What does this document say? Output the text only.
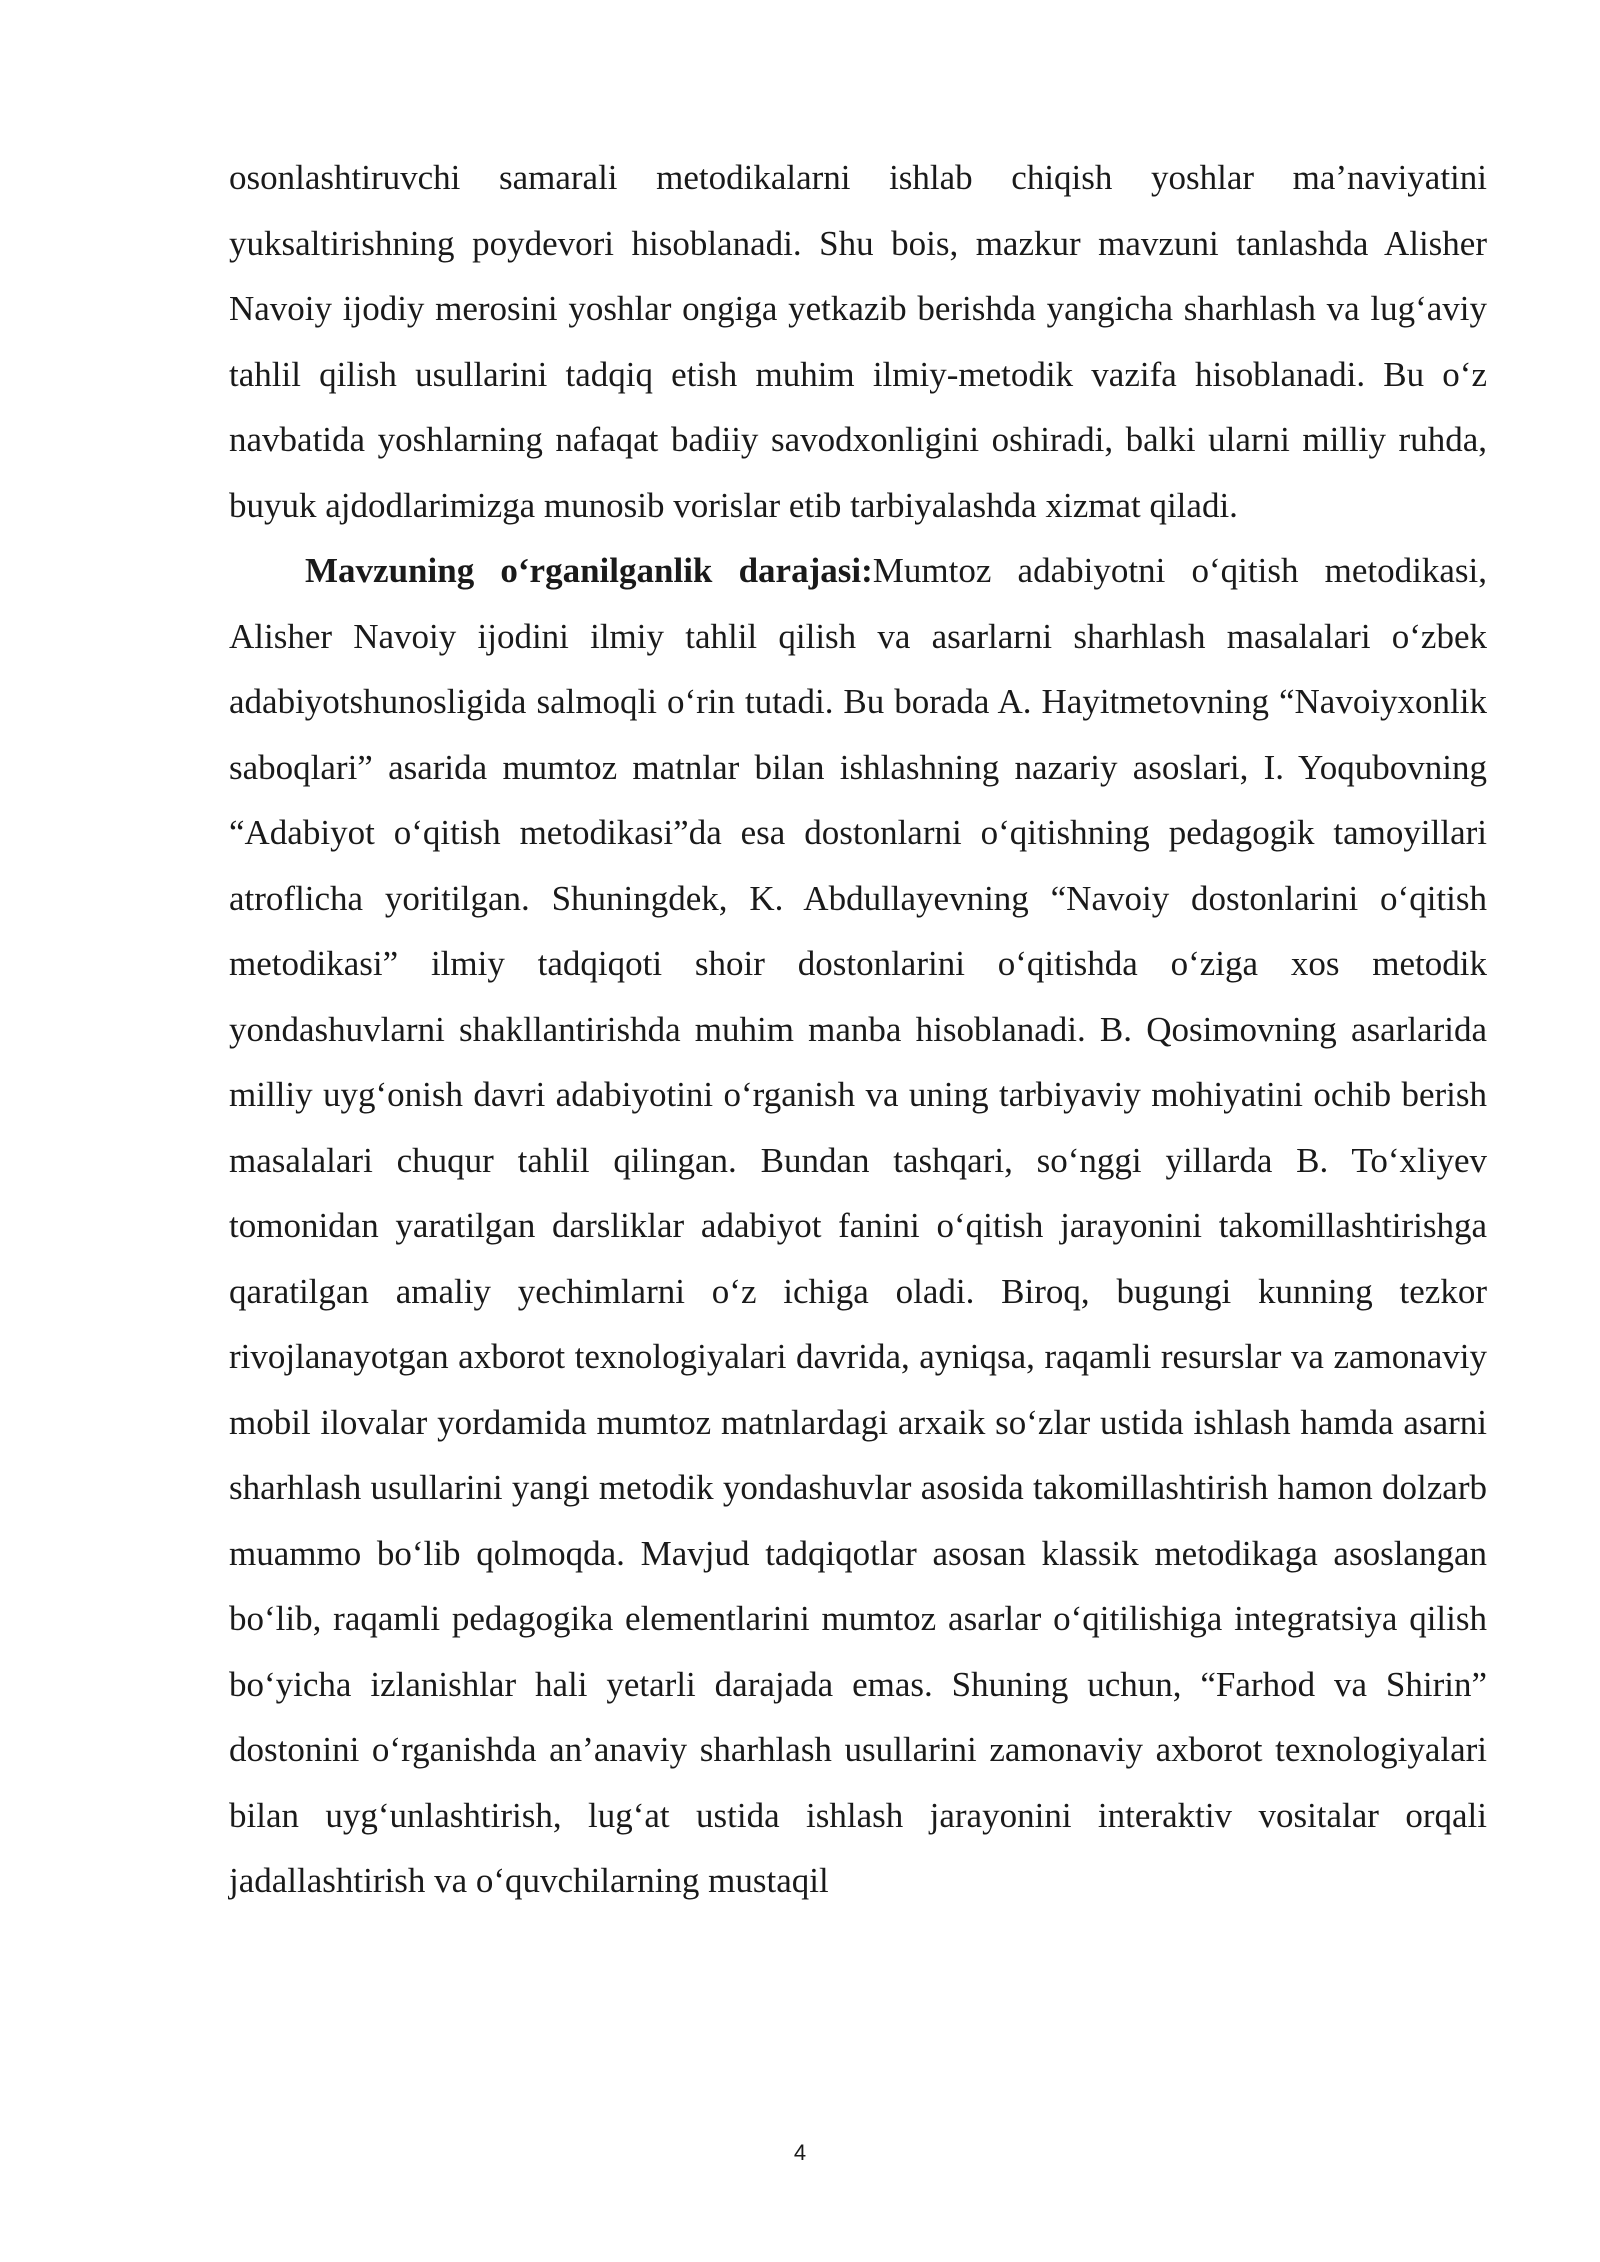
osonlashtiruvchi samarali metodikalarni ishlab chiqish yoshlar ma’naviyatini yuksaltirishning poydevori hisoblanadi. Shu bois, mazkur mavzuni tanlashda Alisher Navoiy ijodiy merosini yoshlar ongiga yetkazib berishda yangicha sharhlash va lug‘aviy tahlil qilish usullarini tadqiq etish muhim ilmiy-metodik vazifa hisoblanadi. Bu o‘z navbatida yoshlarning nafaqat badiiy savodxonligini oshiradi, balki ularni milliy ruhda, buyuk ajdodlarimizga munosib vorislar etib tarbiyalashda xizmat qiladi.

Mavzuning o‘rganilganlik darajasi:Mumtoz adabiyotni o‘qitish metodikasi, Alisher Navoiy ijodini ilmiy tahlil qilish va asarlarni sharhlash masalalari o‘zbek adabiyotshunosligida salmoqli o‘rin tutadi. Bu borada A. Hayitmetovning “Navoiyxonlik saboqlari” asarida mumtoz matnlar bilan ishlashning nazariy asoslari, I. Yoqubovning “Adabiyot o‘qitish metodikasi”da esa dostonlarni o‘qitishning pedagogik tamoyillari atroflicha yoritilgan. Shuningdek, K. Abdullayevning “Navoiy dostonlarini o‘qitish metodikasi” ilmiy tadqiqoti shoir dostonlarini o‘qitishda o‘ziga xos metodik yondashuvlarni shakllantirishda muhim manba hisoblanadi. B. Qosimovning asarlarida milliy uyg‘onish davri adabiyotini o‘rganish va uning tarbiyaviy mohiyatini ochib berish masalalari chuqur tahlil qilingan. Bundan tashqari, so‘nggi yillarda B. To‘xliyev tomonidan yaratilgan darsliklar adabiyot fanini o‘qitish jarayonini takomillashtirishga qaratilgan amaliy yechimlarni o‘z ichiga oladi. Biroq, bugungi kunning tezkor rivojlanayotgan axborot texnologiyalari davrida, ayniqsa, raqamli resurslar va zamonaviy mobil ilovalar yordamida mumtoz matnlardagi arxaik so‘zlar ustida ishlash hamda asarni sharhlash usullarini yangi metodik yondashuvlar asosida takomillashtirish hamon dolzarb muammo bo‘lib qolmoqda. Mavjud tadqiqotlar asosan klassik metodikaga asoslangan bo‘lib, raqamli pedagogika elementlarini mumtoz asarlar o‘qitilishiga integratsiya qilish bo‘yicha izlanishlar hali yetarli darajada emas. Shuning uchun, “Farhod va Shirin” dostonini o‘rganishda an’anaviy sharhlash usullarini zamonaviy axborot texnologiyalari bilan uyg‘unlashtirish, lug‘at ustida ishlash jarayonini interaktiv vositalar orqali jadallashtirish va o‘quvchilarning mustaqil

4
